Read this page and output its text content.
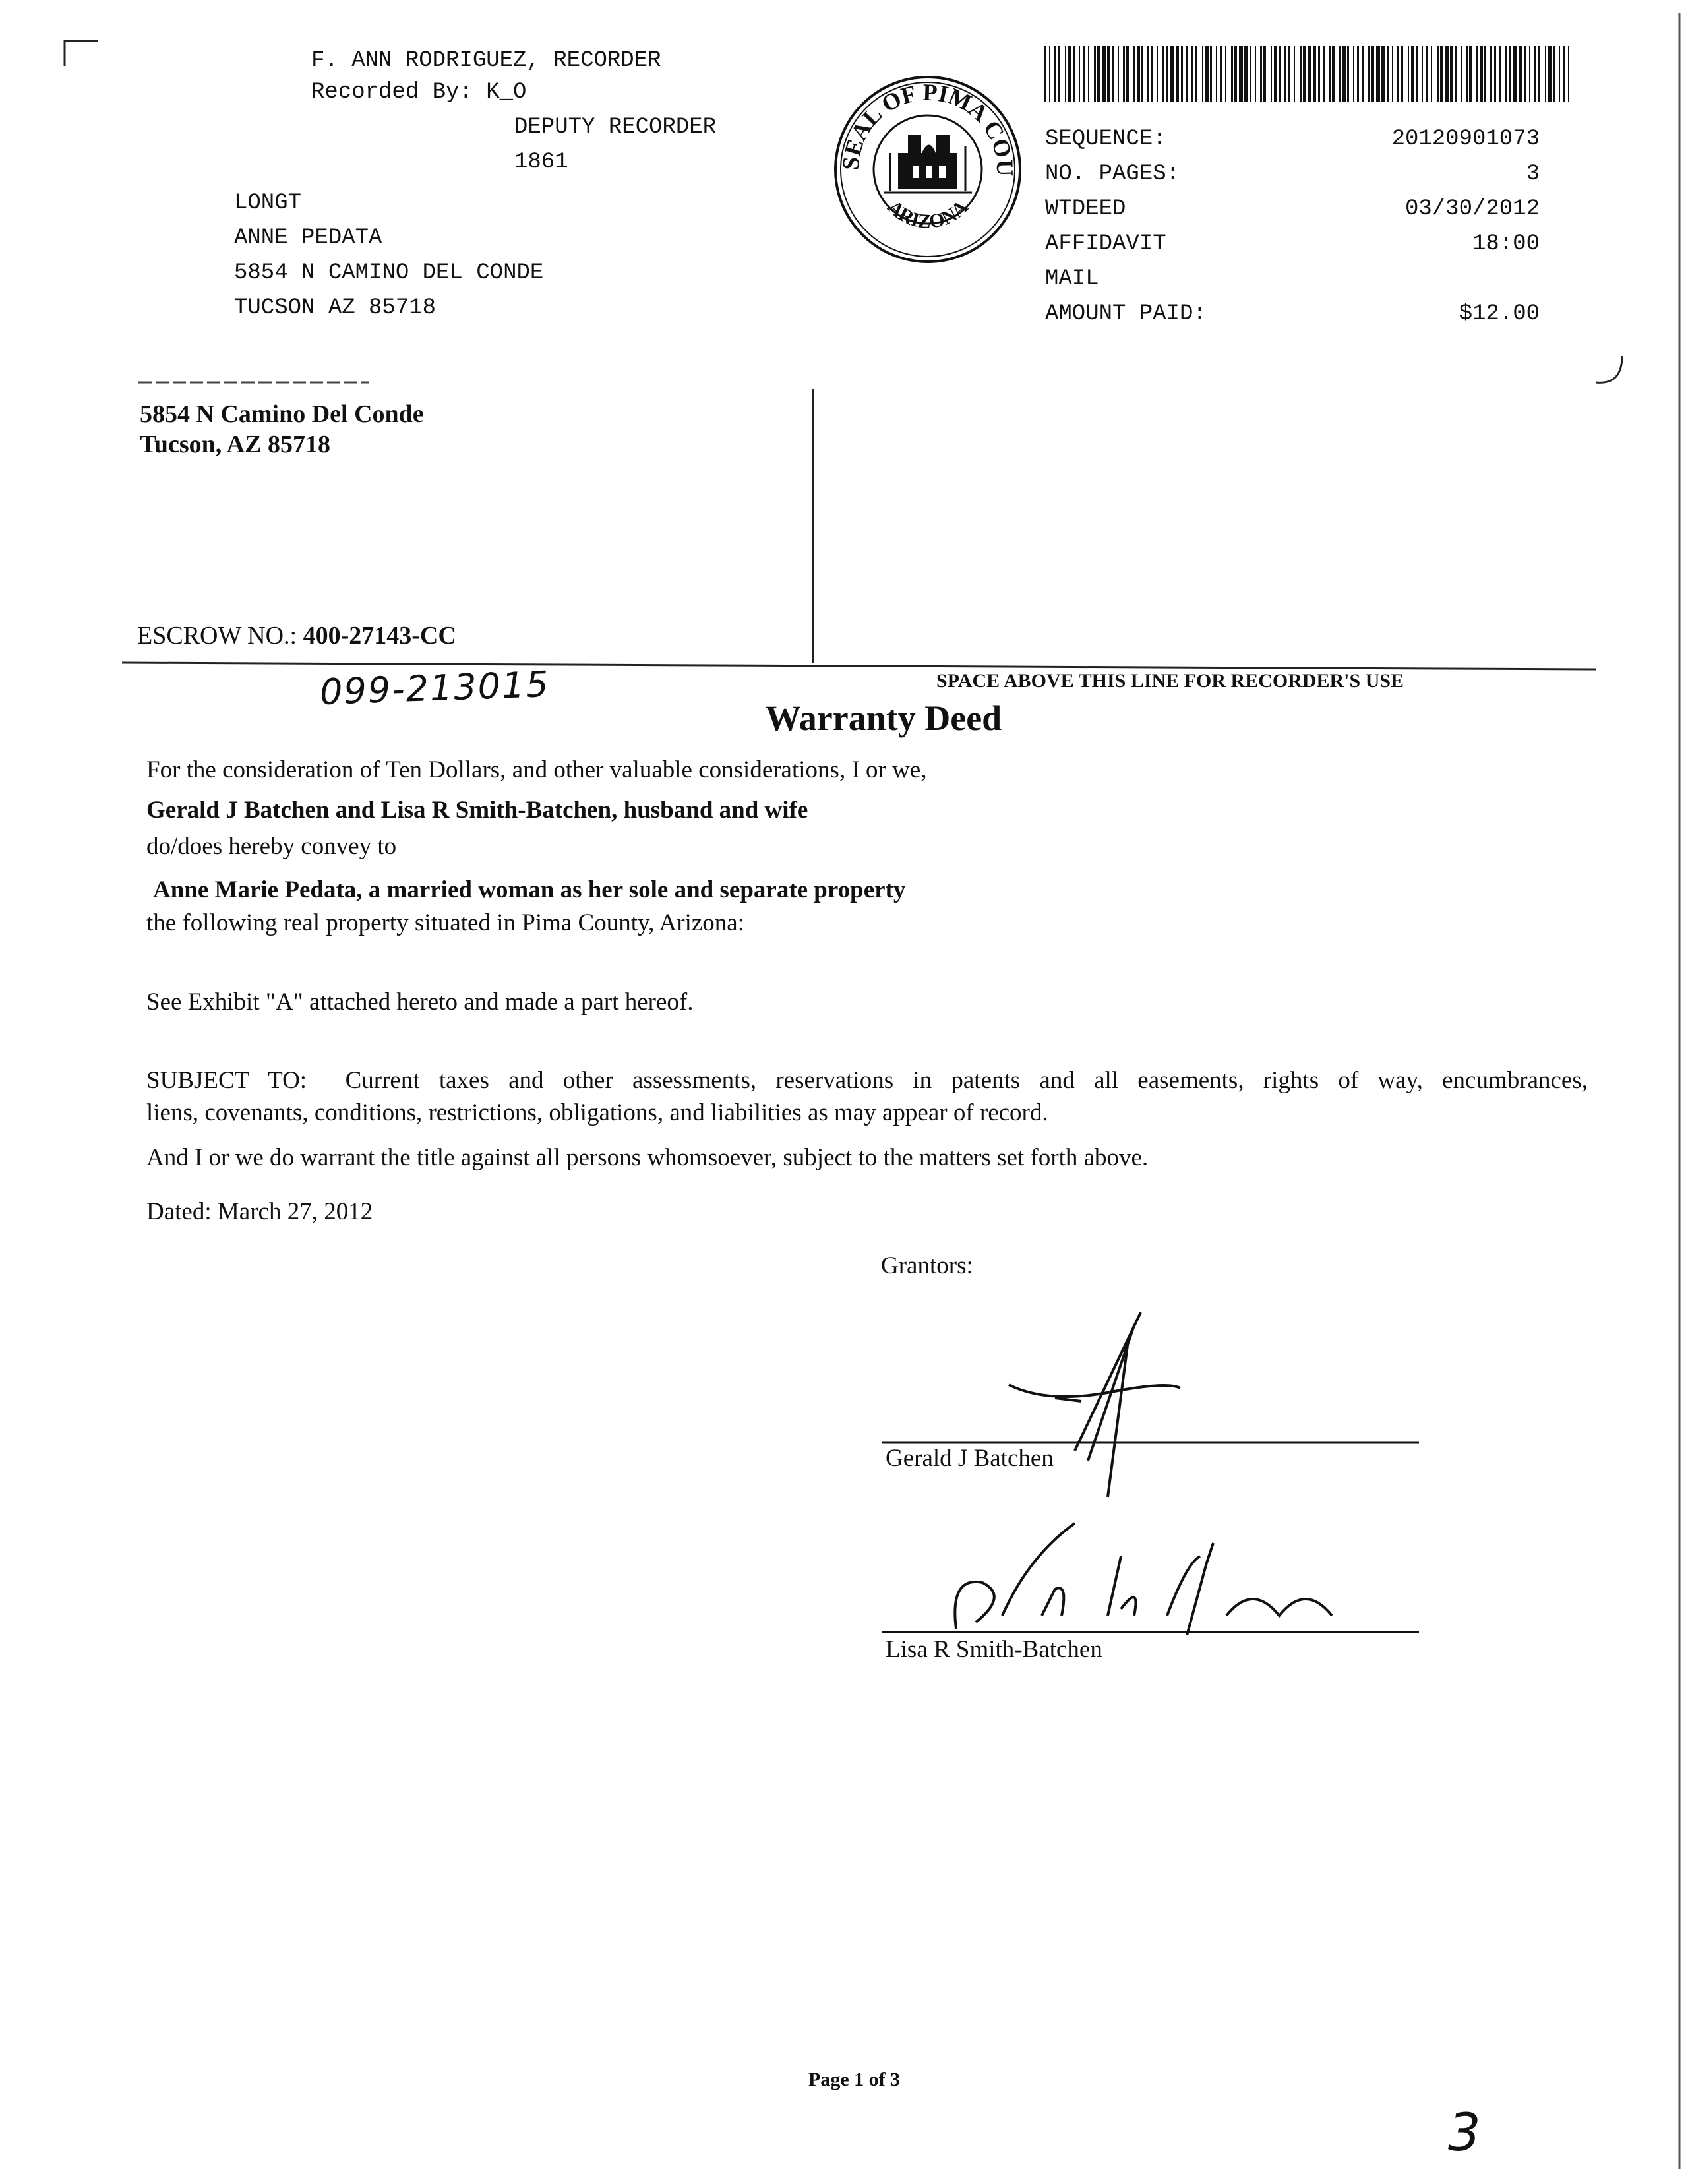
F. ANN RODRIGUEZ, RECORDER
Recorded By: K_O
DEPUTY RECORDER
1861
LONGT
ANNE PEDATA
5854 N CAMINO DEL CONDE
TUCSON AZ 85718
SEAL OF PIMA COU
ARIZONA
SEQUENCE:	20120901073
NO. PAGES:	3
WTDEED	03/30/2012
AFFIDAVIT	18:00
MAIL
AMOUNT PAID:	$12.00
5854 N Camino Del Conde
Tucson, AZ 85718
ESCROW NO.: 400-27143-CC
099-213015	SPACE ABOVE THIS LINE FOR RECORDER'S USE
Warranty Deed
For the consideration of Ten Dollars, and other valuable considerations, I or we,
Gerald J Batchen and Lisa R Smith-Batchen, husband and wife
do/does hereby convey to
Anne Marie Pedata, a married woman as her sole and separate property
the following real property situated in Pima County, Arizona:
See Exhibit "A" attached hereto and made a part hereof.
SUBJECT TO: Current taxes and other assessments, reservations in patents and all easements, rights of way, encumbrances,
liens, covenants, conditions, restrictions, obligations, and liabilities as may appear of record.
And I or we do warrant the title against all persons whomsoever, subject to the matters set forth above.
Dated: March 27, 2012
Grantors:
Gerald J Batchen
Lisa R Smith-Batchen
Page 1 of 3
3
